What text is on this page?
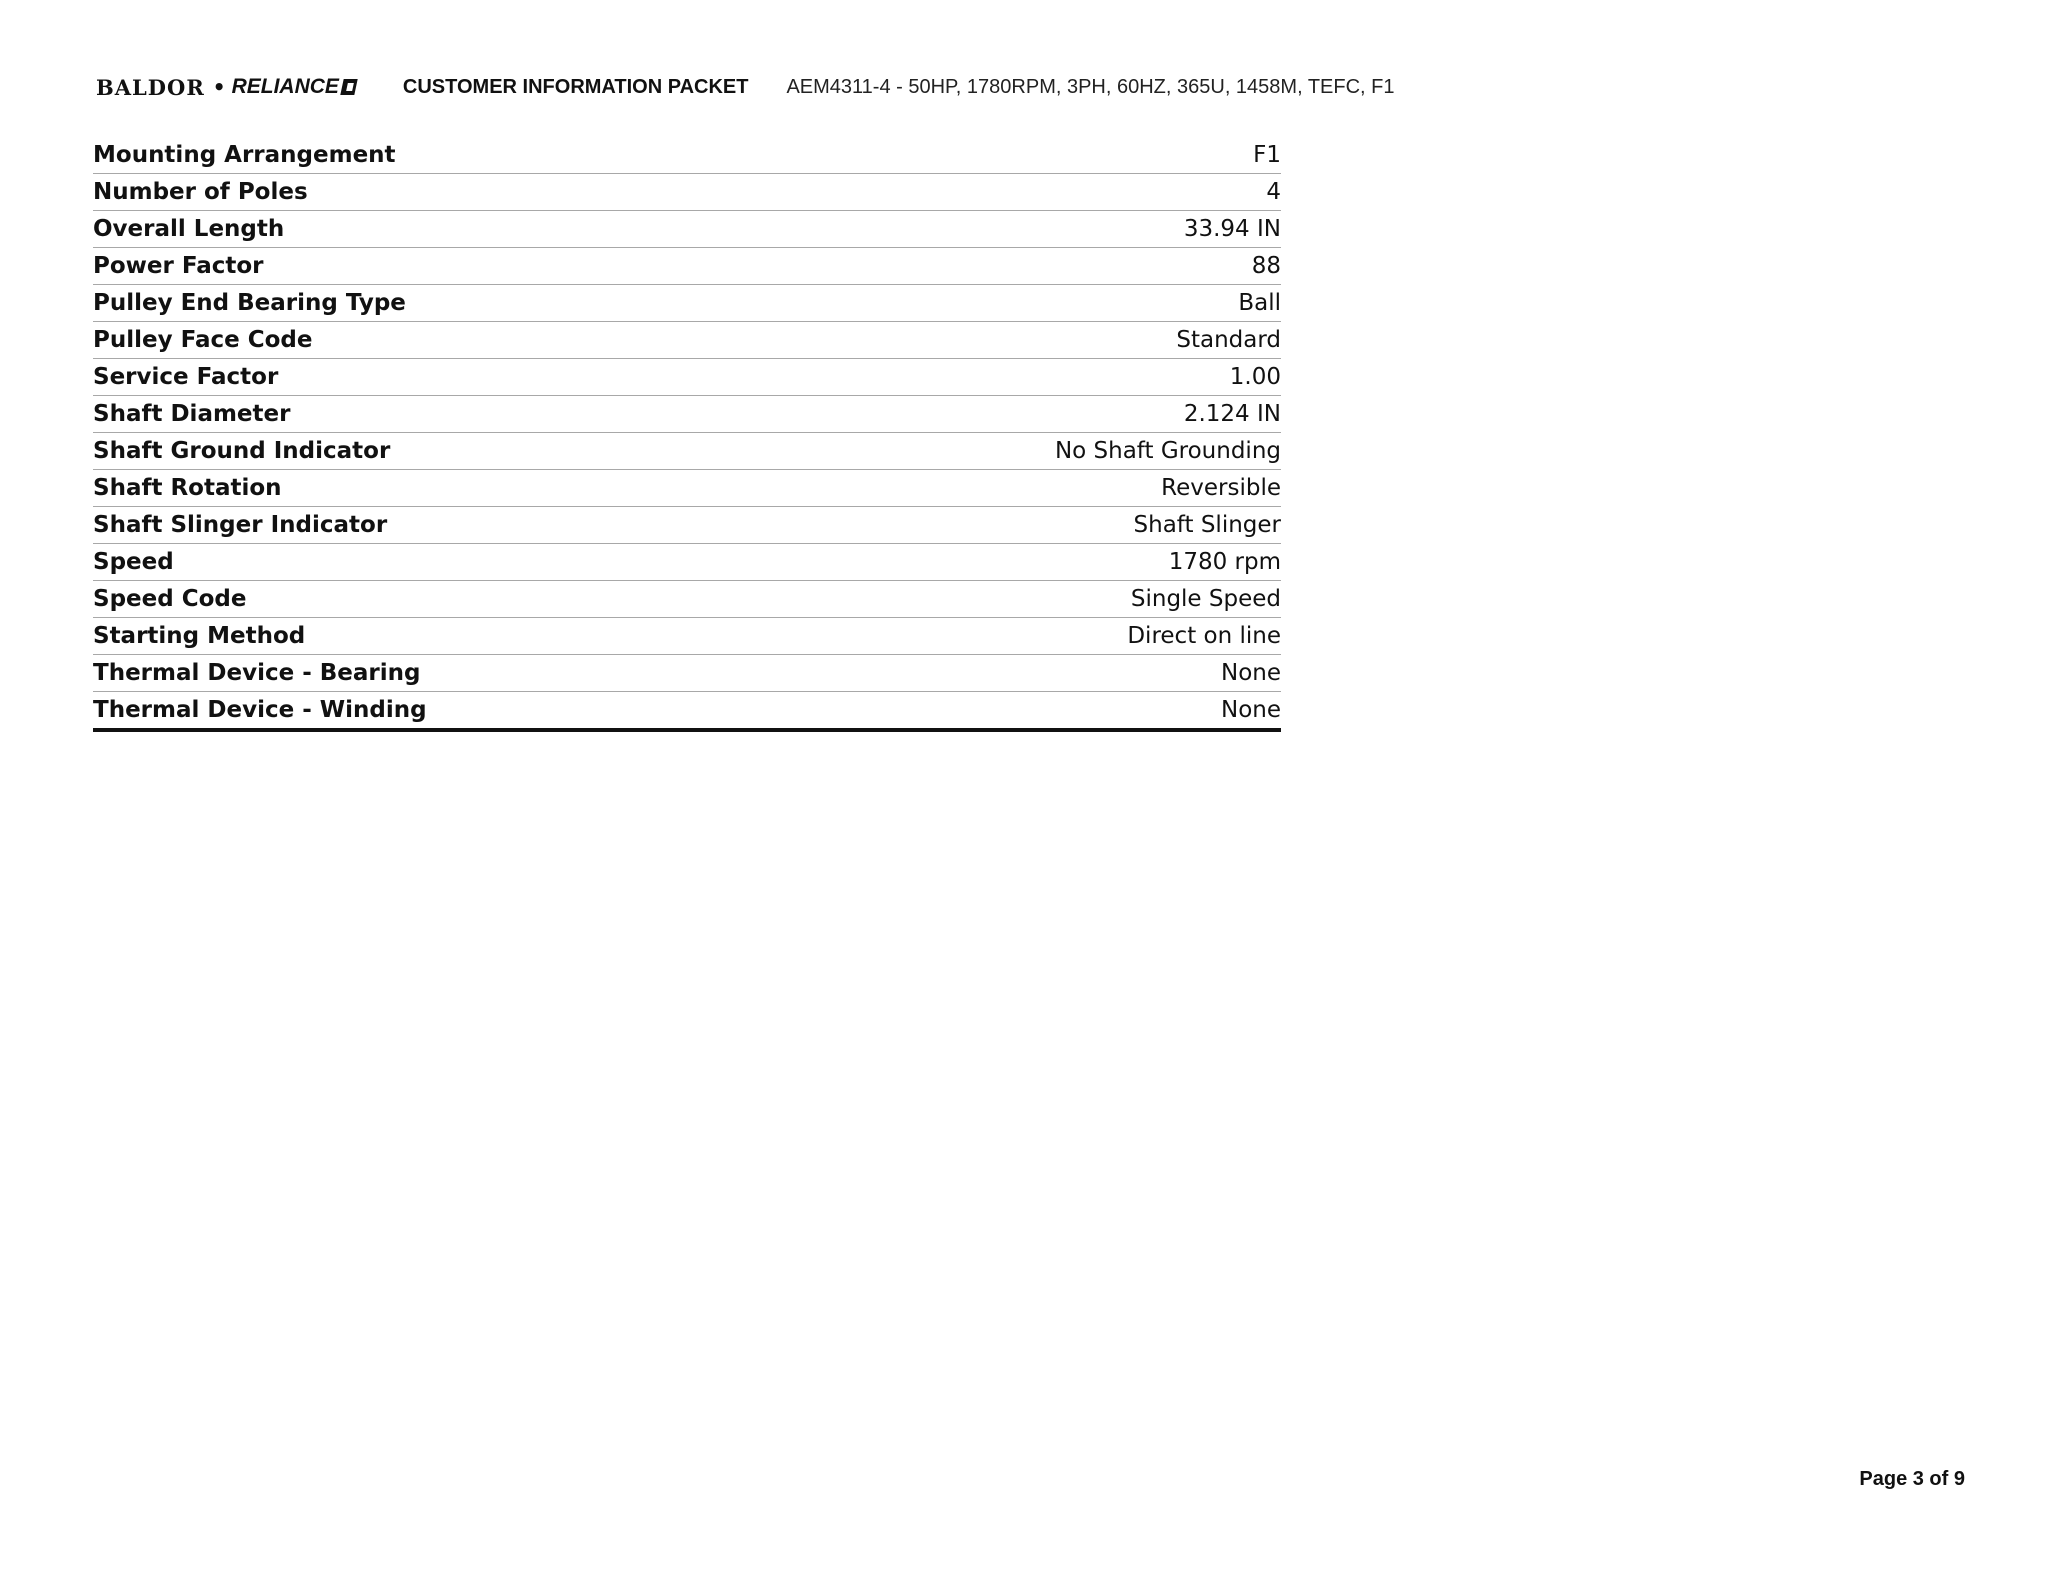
BALDOR • RELIANCE	CUSTOMER INFORMATION PACKET AEM4311-4 - 50HP, 1780RPM, 3PH, 60HZ, 365U, 1458M, TEFC, F1
Mounting Arrangement	F1
Number of Poles	4
Overall Length	33.94 IN
Power Factor	88
Pulley End Bearing Type	Ball
Pulley Face Code	Standard
Service Factor	1.00
Shaft Diameter	2.124 IN
Shaft Ground Indicator	No Shaft Grounding
Shaft Rotation	Reversible
Shaft Slinger Indicator	Shaft Slinger
Speed	1780 rpm
Speed Code	Single Speed
Starting Method	Direct on line
Thermal Device - Bearing	None
Thermal Device - Winding	None
Page 3 of 9
